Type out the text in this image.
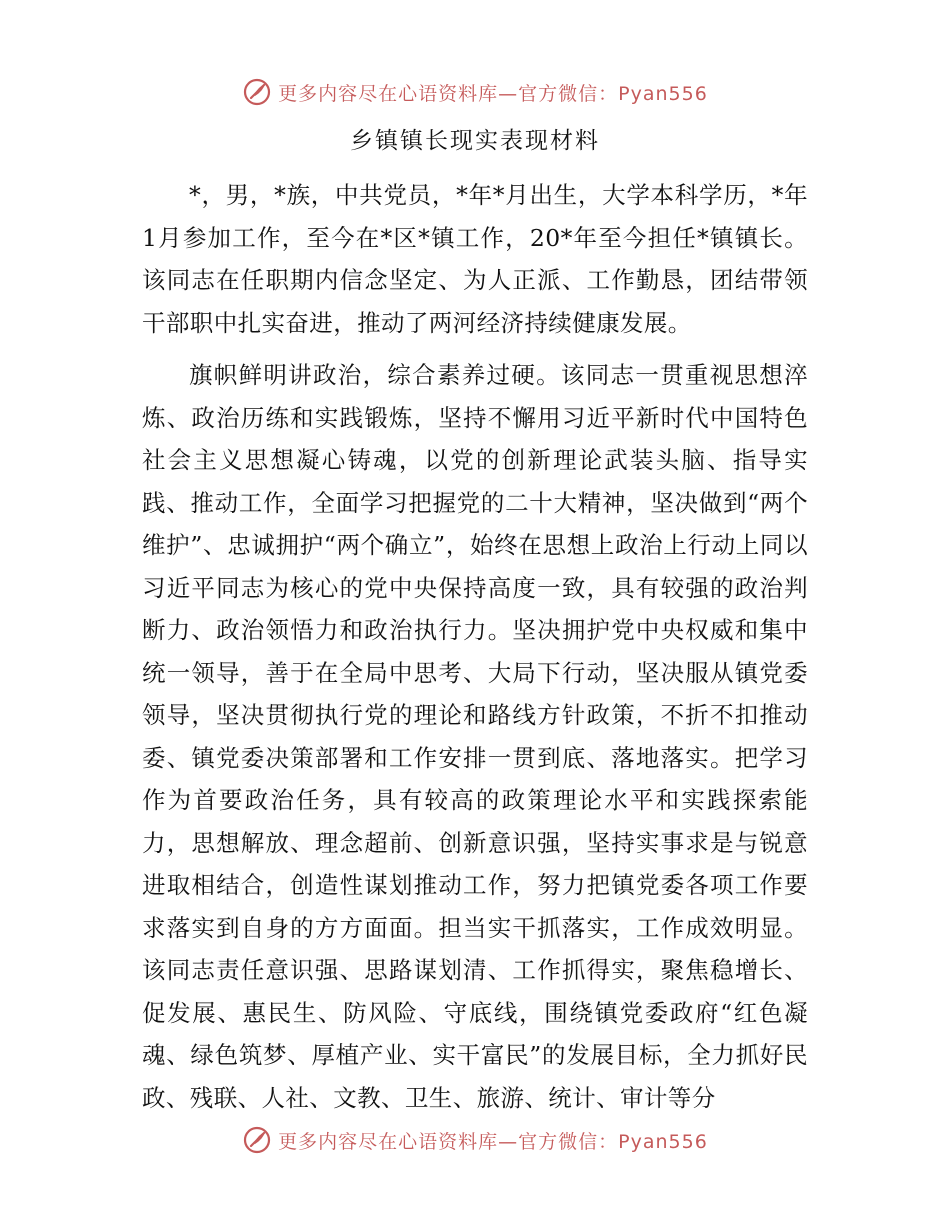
更多内容尽在心语资料库—官方微信：Pyan556
乡镇镇长现实表现材料

*，男，*族，中共党员，*年*月出生，大学本科学历，*年1月参加工作，至今在*区*镇工作，20*年至今担任*镇镇长。该同志在任职期内信念坚定、为人正派、工作勤恳，团结带领干部职中扎实奋进，推动了两河经济持续健康发展。

旗帜鲜明讲政治，综合素养过硬。该同志一贯重视思想淬炼、政治历练和实践锻炼，坚持不懈用习近平新时代中国特色社会主义思想凝心铸魂，以党的创新理论武装头脑、指导实践、推动工作，全面学习把握党的二十大精神，坚决做到“两个维护”、忠诚拥护“两个确立”，始终在思想上政治上行动上同以习近平同志为核心的党中央保持高度一致，具有较强的政治判断力、政治领悟力和政治执行力。坚决拥护党中央权威和集中统一领导，善于在全局中思考、大局下行动，坚决服从镇党委领导，坚决贯彻执行党的理论和路线方针政策，不折不扣推动委、镇党委决策部署和工作安排一贯到底、落地落实。把学习作为首要政治任务，具有较高的政策理论水平和实践探索能力，思想解放、理念超前、创新意识强，坚持实事求是与锐意进取相结合，创造性谋划推动工作，努力把镇党委各项工作要求落实到自身的方方面面。担当实干抓落实，工作成效明显。该同志责任意识强、思路谋划清、工作抓得实，聚焦稳增长、促发展、惠民生、防风险、守底线，围绕镇党委政府“红色凝魂、绿色筑梦、厚植产业、实干富民”的发展目标，全力抓好民政、残联、人社、文教、卫生、旅游、统计、审计等分

更多内容尽在心语资料库—官方微信：Pyan556
